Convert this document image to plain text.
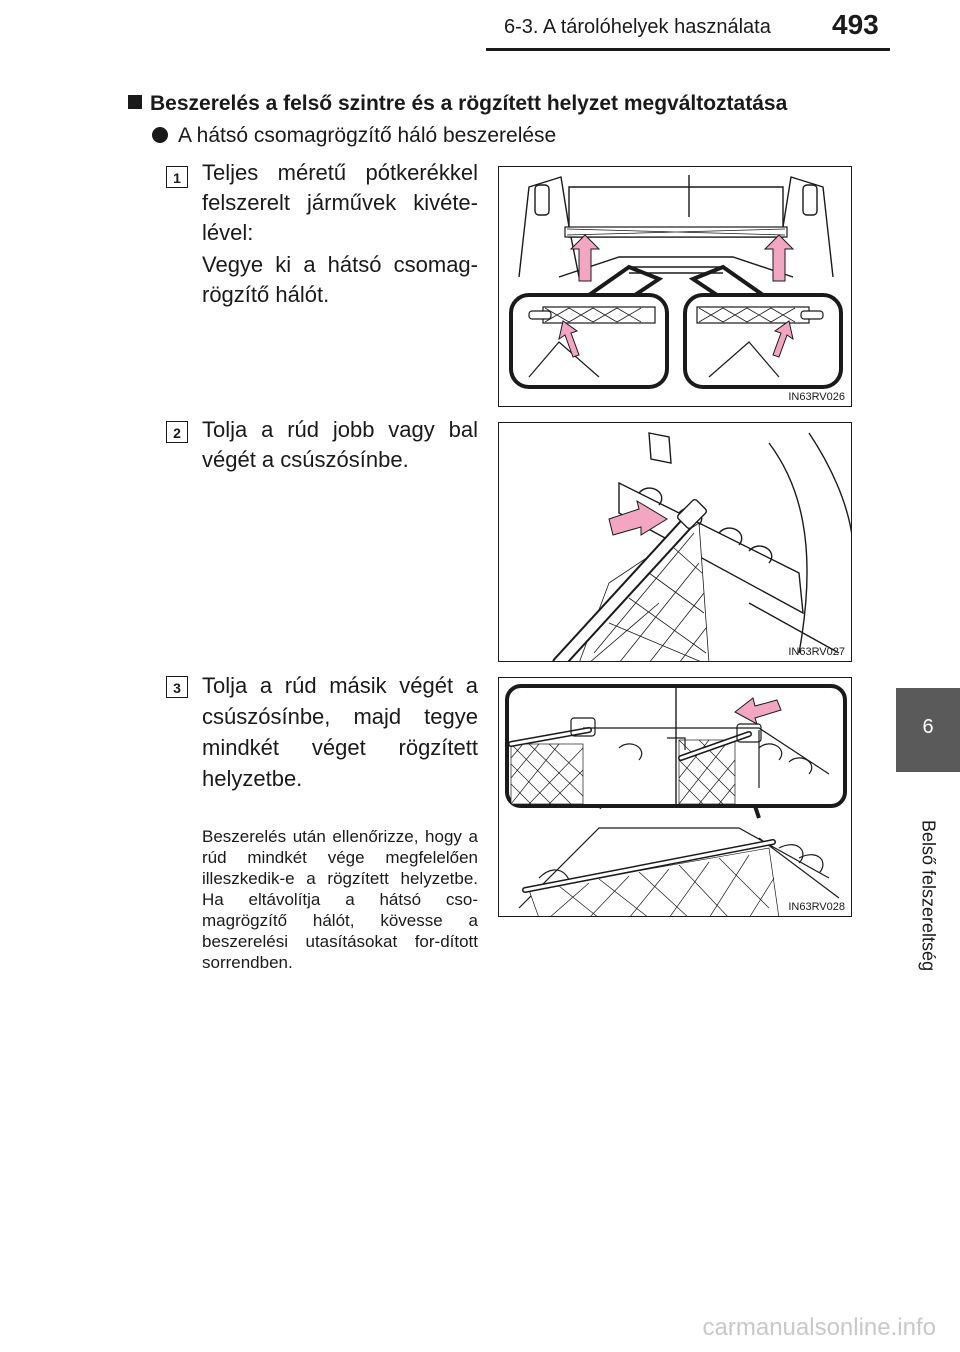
6-3. A tárolóhelyek használata 493
6
Belső felszereltség
Beszerelés a felső szintre és a rögzített helyzet megváltoztatása
A hátsó csomagrögzítő háló beszerelése
1 Teljes méretű pótkerékkel felszerelt járművek kivéte-lével:

Vegye ki a hátsó csomag-rögzítő hálót.

2 Tolja a rúd jobb vagy bal végét a csúszósínbe.

3 Tolja a rúd másik végét a csúszósínbe, majd tegye mindkét véget rögzített helyzetbe.

Beszerelés után ellenőrizze, hogy a rúd mindkét vége megfelelően illeszkedik-e a rögzített helyzetbe. Ha eltávolítja a hátsó cso-magrögzítő hálót, kövesse a beszerelési utasításokat for-dított sorrendben.

IN63RV026
IN63RV027
IN63RV028
carmanualsonline.info
